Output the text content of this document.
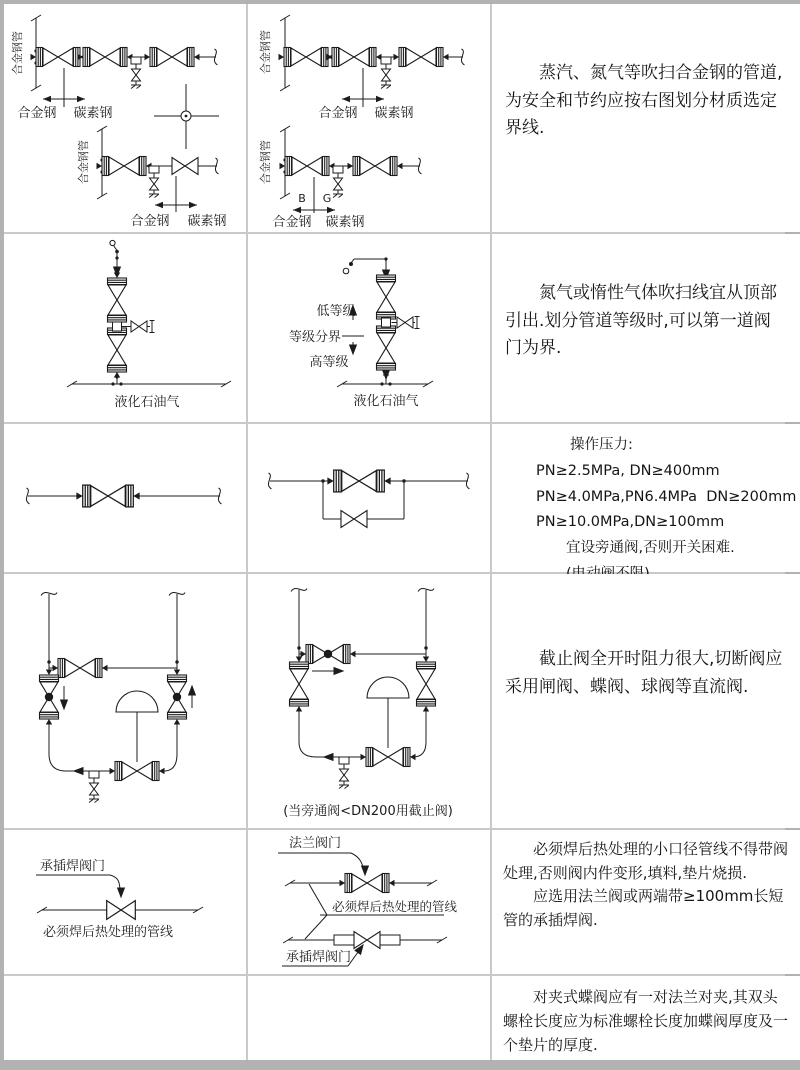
合金钢管
合金钢 碳素钢
合金钢管
合金钢 碳素钢
合金钢管
合金钢 碳素钢
合金钢管
B G
合金钢 碳素钢

蒸汽、氮气等吹扫合金钢的管道,为安全和节约应按右图划分材质选定界线.

液化石油气
低等级
等级分界
高等级
液化石油气

氮气或惰性气体吹扫线宜从顶部引出.划分管道等级时,可以第一道阀门为界.

操作压力:
PN≥2.5MPa, DN≥400mm
PN≥4.0MPa,PN6.4MPa  DN≥200mm
PN≥10.0MPa,DN≥100mm
宜设旁通阀,否则开关困难.
(当旁通阀<DN200用截止阀)

截止阀全开时阻力很大,切断阀应采用闸阀、蝶阀、球阀等直流阀.

承插焊阀门
必须焊后热处理的管线
法兰阀门
必须焊后热处理的管线
承插焊阀门

必须焊后热处理的小口径管线不得带阀处理,否则阀内件变形,填料,垫片烧损.

应选用法兰阀或两端带≥100mm长短管的承插焊阀.

对夹式蝶阀应有一对法兰对夹,其双头螺栓长度应为标准螺栓长度加蝶阀厚度及一个垫片的厚度.
